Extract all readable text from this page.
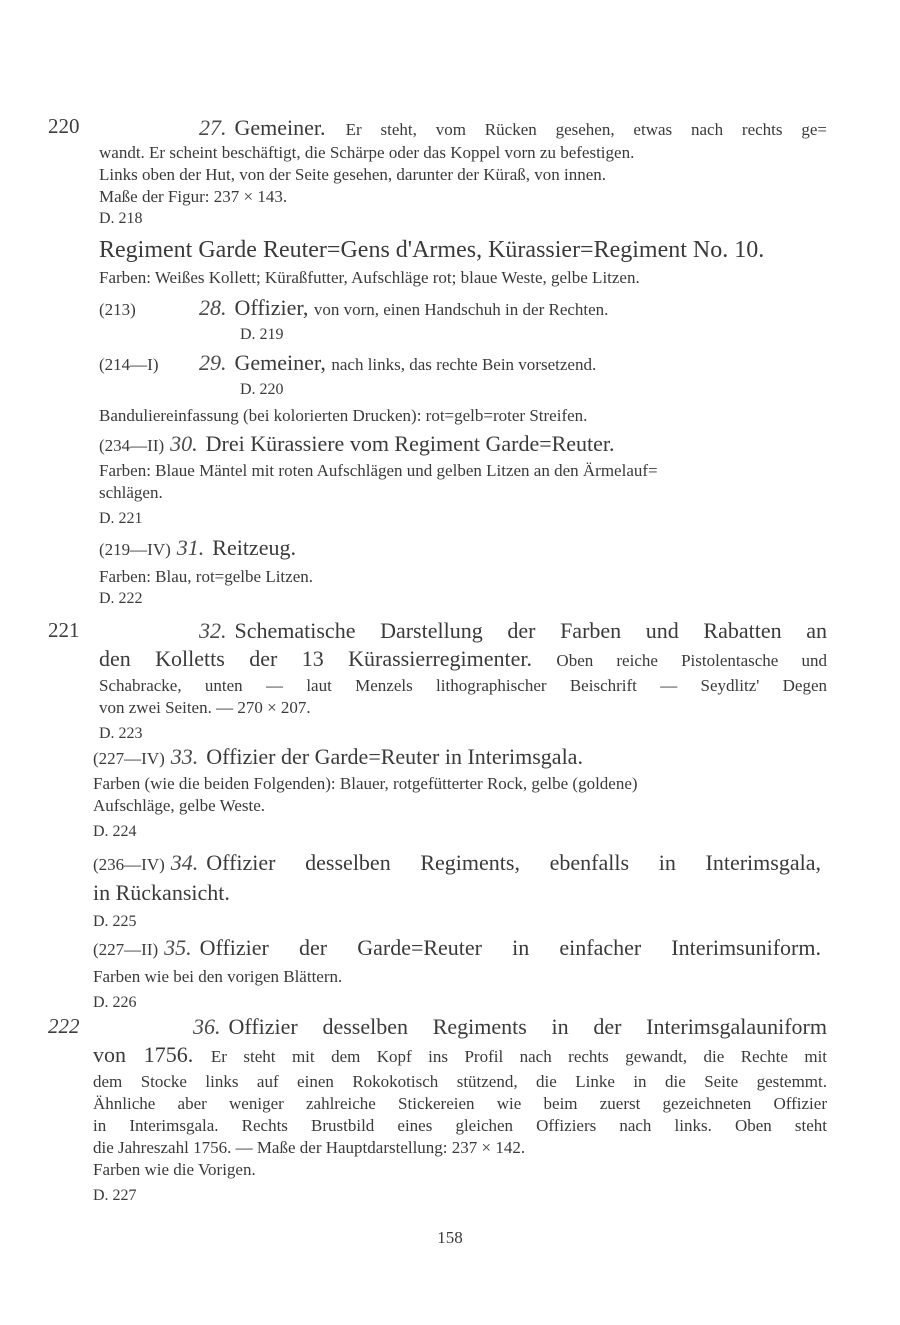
220
221
222
27. Gemeiner. Er steht, vom Rücken gesehen, etwas nach rechts ge=
wandt. Er scheint beschäftigt, die Schärpe oder das Koppel vorn zu befestigen.
Links oben der Hut, von der Seite gesehen, darunter der Küraß, von innen.
Maße der Figur: 237 × 143.
D. 218
Regiment Garde Reuter=Gens d'Armes, Kürassier=Regiment No. 10.
Farben: Weißes Kollett; Küraßfutter, Aufschläge rot; blaue Weste, gelbe Litzen.
(213)	28. Offizier, von vorn, einen Handschuh in der Rechten.
D. 219
(214—I) 29. Gemeiner, nach links, das rechte Bein vorsetzend.
D. 220
Bandulierеinfassung (bei kolorierten Drucken): rot=gelb=roter Streifen.
(234—II) 30. Drei Kürassiere vom Regiment Garde=Reuter.
Farben: Blaue Mäntel mit roten Aufschlägen und gelben Litzen an den Ärmelauf=
schlägen.
D. 221
(219—IV) 31. Reitzeug.
Farben: Blau, rot=gelbe Litzen.
D. 222
32. Schematische Darstellung der Farben und Rabatten an
den Kolletts der 13 Kürassierregimenter. Oben reiche Pistolentasche und
Schabracke, unten — laut Menzels lithographischer Beischrift — Seydlitz' Degen
von zwei Seiten. — 270 × 207.
D. 223
(227—IV) 33. Offizier der Garde=Reuter in Interimsgala.
Farben (wie die beiden Folgenden): Blauer, rotgefütterter Rock, gelbe (goldene)
Aufschläge, gelbe Weste.
D. 224
(236—IV) 34. Offizier desselben Regiments, ebenfalls in Interimsgala,
in Rückansicht.
D. 225
(227—II) 35. Offizier der Garde=Reuter in einfacher Interimsuniform.
Farben wie bei den vorigen Blättern.
D. 226
36. Offizier desselben Regiments in der Interimsgalauniform
von 1756. Er steht mit dem Kopf ins Profil nach rechts gewandt, die Rechte mit
dem Stocke links auf einen Rokokotisch stützend, die Linke in die Seite gestemmt.
Ähnliche aber weniger zahlreiche Stickereien wie beim zuerst gezeichneten Offizier
in Interimsgala. Rechts Brustbild eines gleichen Offiziers nach links. Oben steht
die Jahreszahl 1756. — Maße der Hauptdarstellung: 237 × 142.
Farben wie die Vorigen.
D. 227
158
